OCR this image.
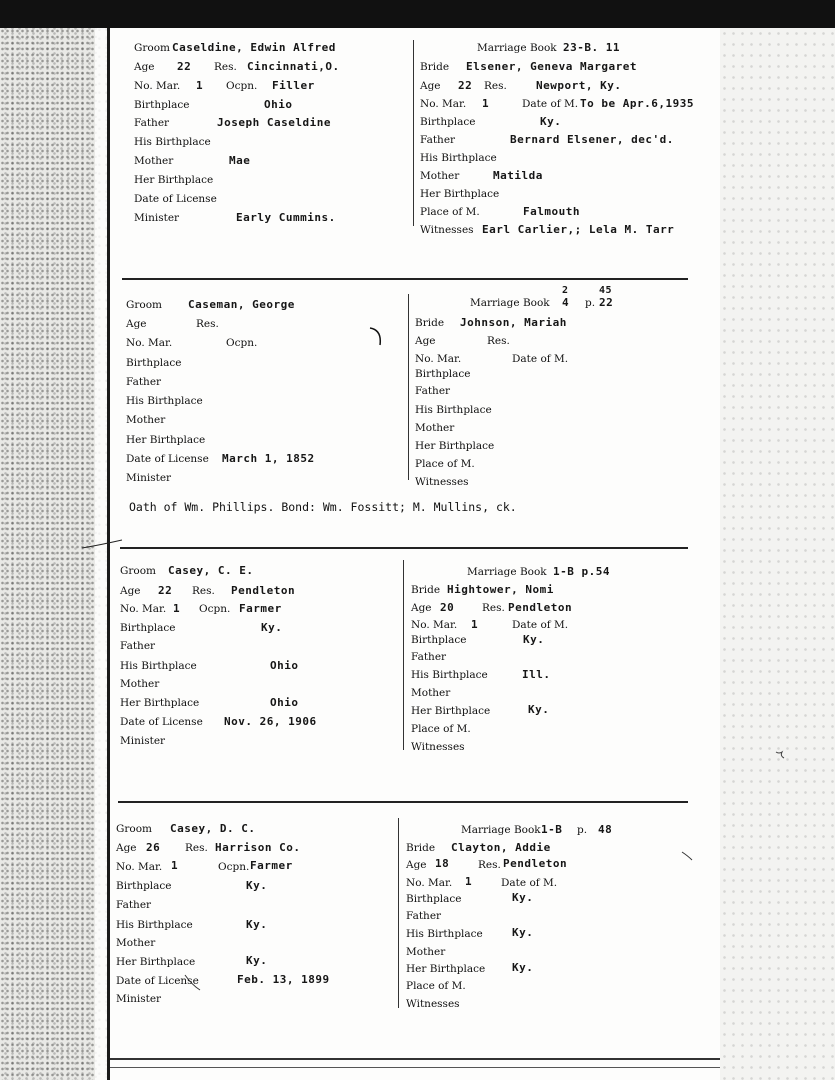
Groom Caseldine, Edwin Alfred
Age 22 Res. Cincinnati,O.
No. Mar. 1 Ocpn. Filler
Birthplace	Ohio
Father	Joseph Caseldine
His Birthplace
Mother	Mae
Her Birthplace
Date of License
Minister	Early Cummins.
Marriage Book 23-B. 11
Bride Elsener, Geneva Margaret
Age 22 Res.	Newport, Ky.
No. Mar. 1	Date of M. To be Apr.6,1935
Birthplace	Ky.
Father	Bernard Elsener, dec'd.
His Birthplace
Mother	Matilda
Her Birthplace
Place of M.	Falmouth
Witnesses Earl Carlier,; Lela M. Tarr
Groom Caseman, George
Age	Res.
No. Mar.	Ocpn.
Birthplace
Father
His Birthplace
Mother
Her Birthplace
Date of License March 1, 1852
Minister
Marriage Book
2
4 p.
45
22
Bride Johnson, Mariah
Age	Res.
No. Mar.	Date of M.
Birthplace
Father
His Birthplace
Mother
Her Birthplace
Place of M.
Witnesses
Oath of Wm. Phillips. Bond: Wm. Fossitt; M. Mullins, ck.
Groom Casey, C. E.
Age 22 Res. Pendleton
No. Mar. 1 Ocpn. Farmer
Birthplace	Ky.
Father
His Birthplace	Ohio
Mother
Her Birthplace	Ohio
Date of License Nov. 26, 1906
Minister
Marriage Book 1-B p.54
Bride Hightower, Nomi
Age 20	Res. Pendleton
No. Mar. 1	Date of M.
Birthplace	Ky.
Father
His Birthplace	Ill.
Mother
Her Birthplace	Ky.
Place of M.
Witnesses
Groom Casey, D. C.
Age 26 Res. Harrison Co.
No. Mar. 1	Ocpn. Farmer
Birthplace	Ky.
Father
His Birthplace	Ky.
Mother
Her Birthplace	Ky.
Date of License	Feb. 13, 1899
Minister
Marriage Book 1-B p. 48
Bride Clayton, Addie
Age 18	Res. Pendleton
No. Mar. 1	Date of M.
Birthplace	Ky.
Father
His Birthplace	Ky.
Mother
Her Birthplace Ky.
Place of M.
Witnesses
